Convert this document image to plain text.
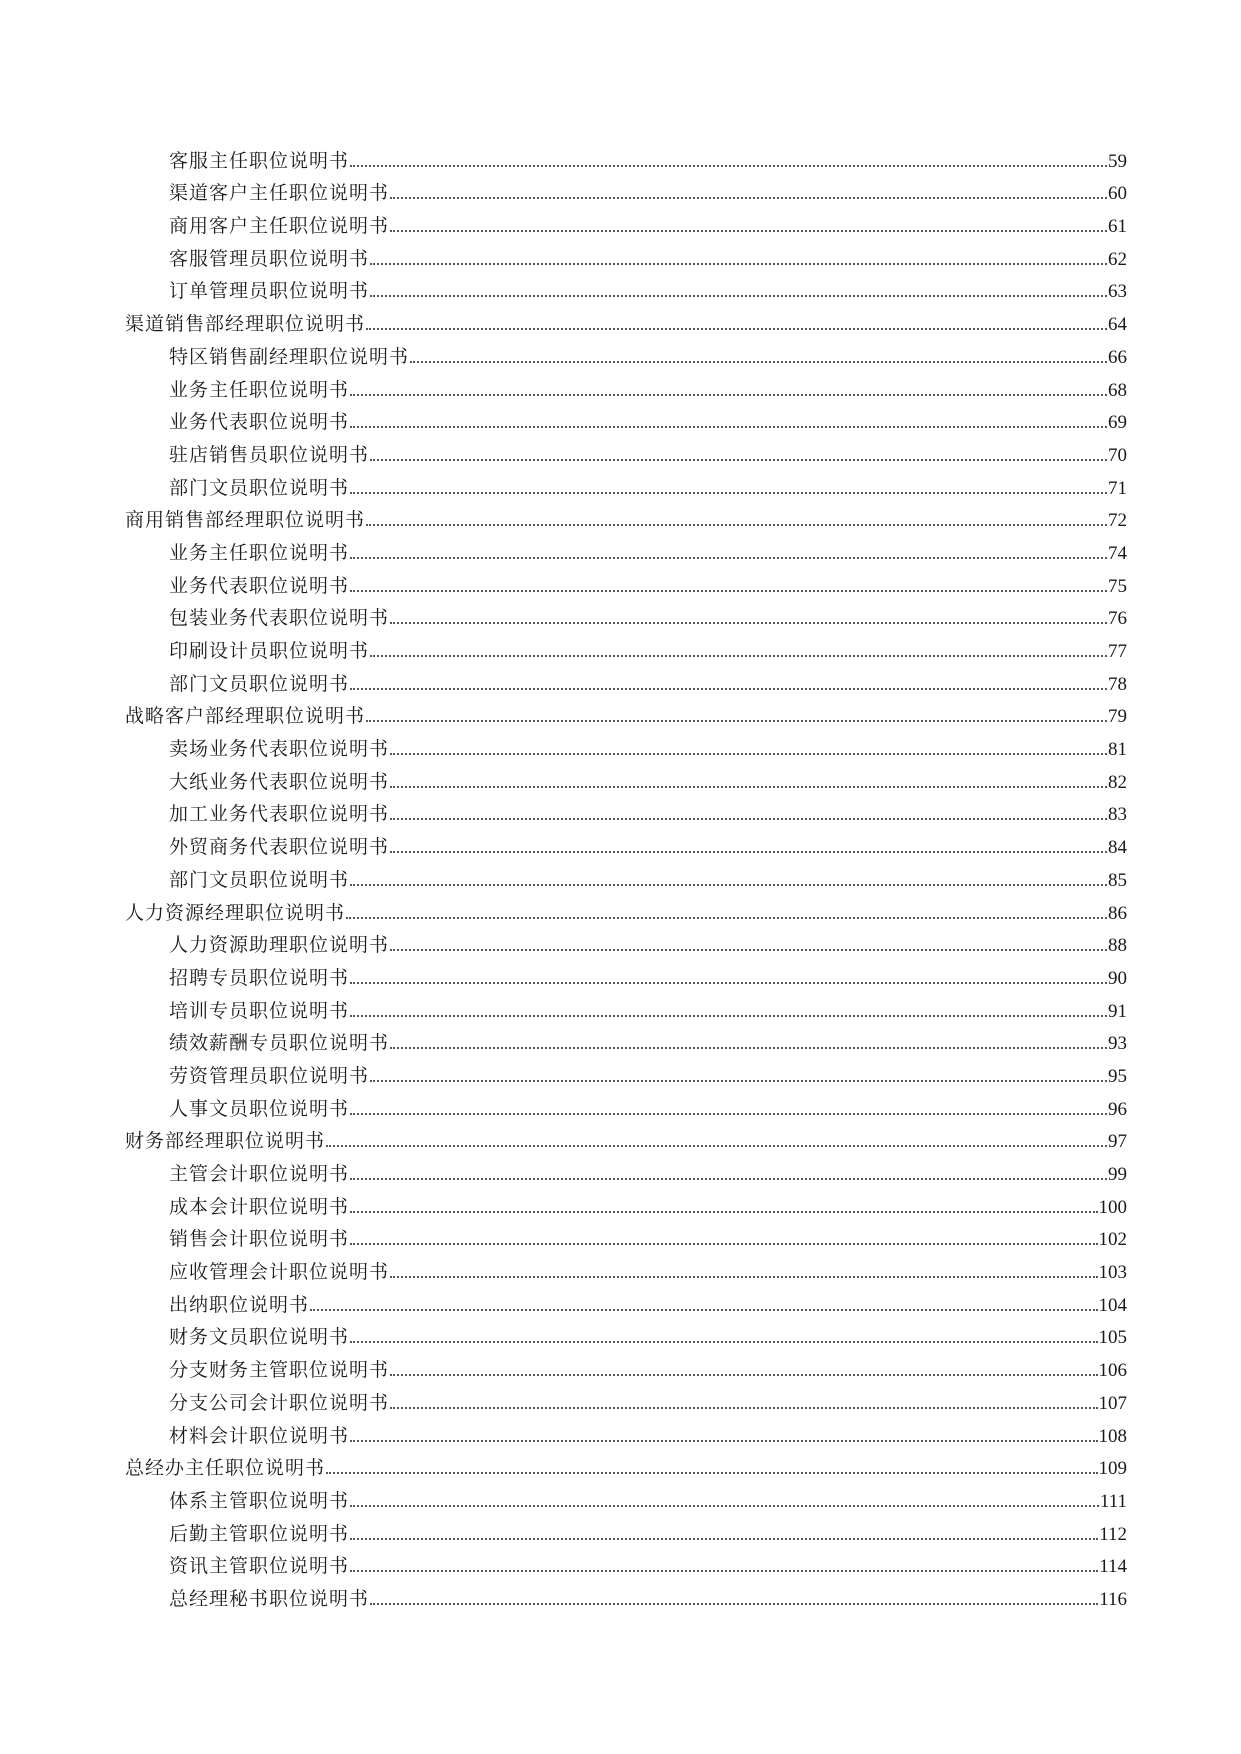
客服主任职位说明书	59
渠道客户主任职位说明书	60
商用客户主任职位说明书	61
客服管理员职位说明书	62
订单管理员职位说明书	63
渠道销售部经理职位说明书	64
特区销售副经理职位说明书	66
业务主任职位说明书	68
业务代表职位说明书	69
驻店销售员职位说明书	70
部门文员职位说明书	71
商用销售部经理职位说明书	72
业务主任职位说明书	74
业务代表职位说明书	75
包装业务代表职位说明书	76
印刷设计员职位说明书	77
部门文员职位说明书	78
战略客户部经理职位说明书	79
卖场业务代表职位说明书	81
大纸业务代表职位说明书	82
加工业务代表职位说明书	83
外贸商务代表职位说明书	84
部门文员职位说明书	85
人力资源经理职位说明书	86
人力资源助理职位说明书	88
招聘专员职位说明书	90
培训专员职位说明书	91
绩效薪酬专员职位说明书	93
劳资管理员职位说明书	95
人事文员职位说明书	96
财务部经理职位说明书	97
主管会计职位说明书	99
成本会计职位说明书	100
销售会计职位说明书	102
应收管理会计职位说明书	103
出纳职位说明书	104
财务文员职位说明书	105
分支财务主管职位说明书	106
分支公司会计职位说明书	107
材料会计职位说明书	108
总经办主任职位说明书	109
体系主管职位说明书	111
后勤主管职位说明书	112
资讯主管职位说明书	114
总经理秘书职位说明书	116
